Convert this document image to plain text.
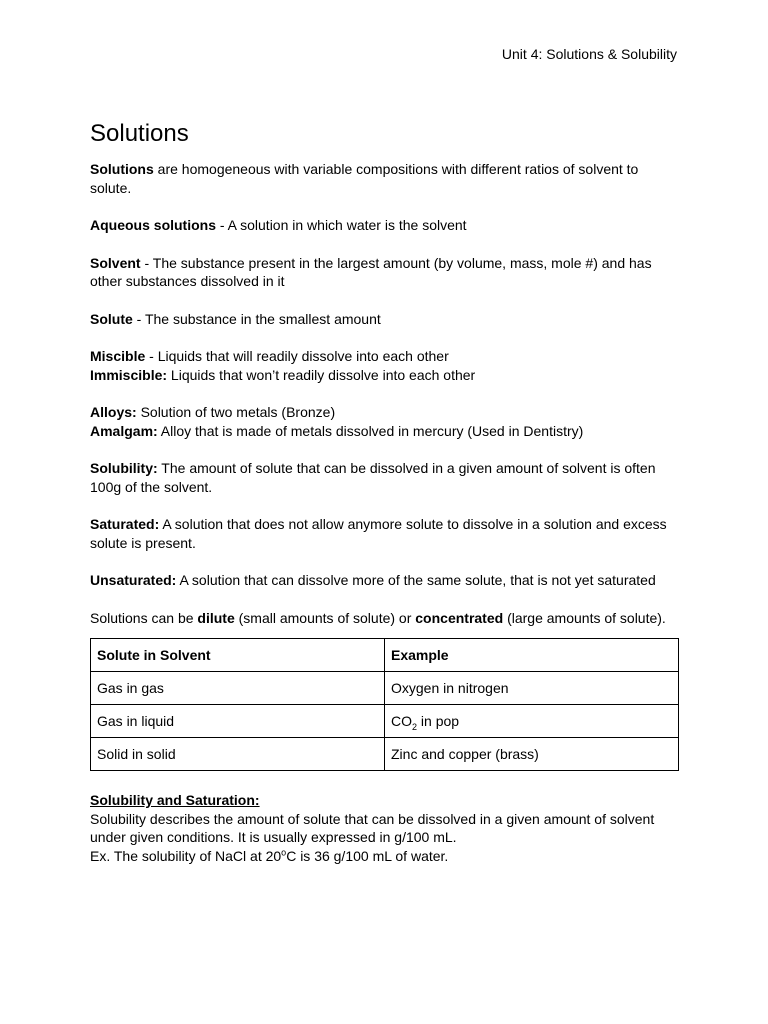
Unit 4: Solutions & Solubility
Solutions

Solutions are homogeneous with variable compositions with different ratios of solvent to solute.

Aqueous solutions - A solution in which water is the solvent

Solvent - The substance present in the largest amount (by volume, mass, mole #) and has other substances dissolved in it

Solute - The substance in the smallest amount

Miscible - Liquids that will readily dissolve into each other

Immiscible: Liquids that won’t readily dissolve into each other

Alloys: Solution of two metals (Bronze)

Amalgam: Alloy that is made of metals dissolved in mercury (Used in Dentistry)

Solubility: The amount of solute that can be dissolved in a given amount of solvent is often 100g of the solvent.

Saturated: A solution that does not allow anymore solute to dissolve in a solution and excess solute is present.

Unsaturated: A solution that can dissolve more of the same solute, that is not yet saturated

Solutions can be dilute (small amounts of solute) or concentrated (large amounts of solute).

Solute in Solvent	Example
Gas in gas	Oxygen in nitrogen
Gas in liquid	$CO_2$ in pop
Solid in solid	Zinc and copper (brass)
Solubility and Saturation:

Solubility describes the amount of solute that can be dissolved in a given amount of solvent under given conditions. It is usually expressed in g/100 mL.

Ex. The solubility of NaCl at 20$^o$C is 36 g/100 mL of water.
